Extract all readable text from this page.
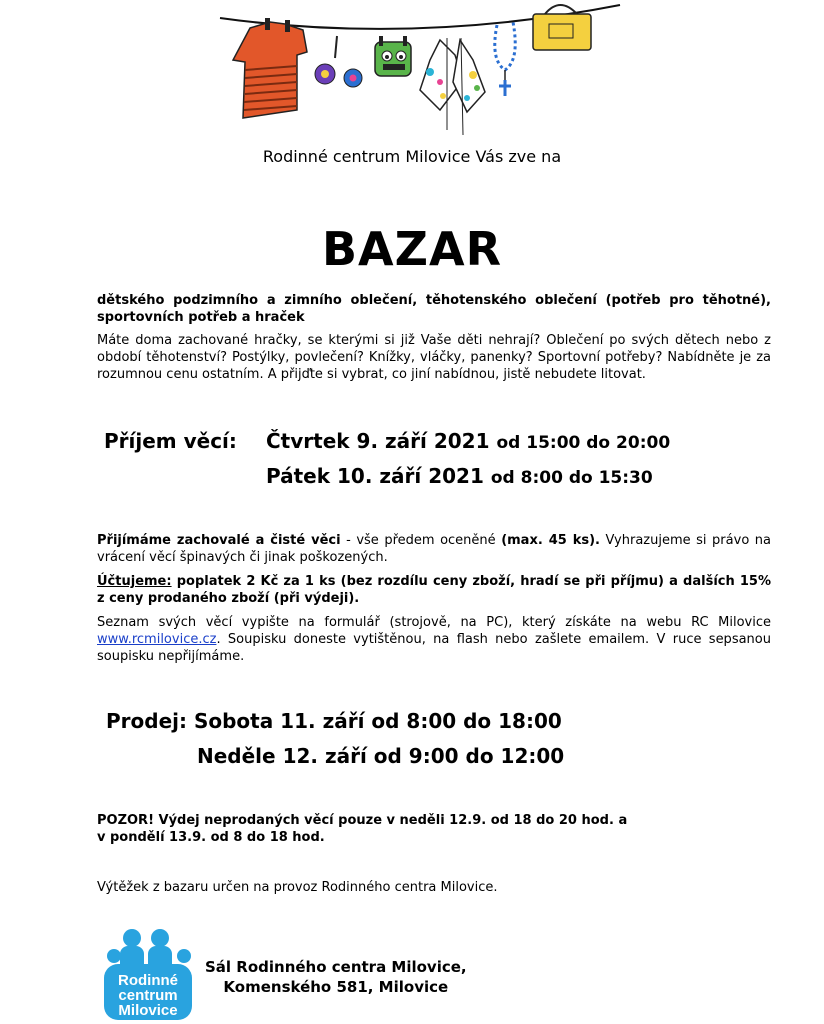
Rodinné centrum Milovice Vás zve na
BAZAR
dětského podzimního a zimního oblečení, těhotenského oblečení (potřeb pro těhotné), sportovních potřeb a hraček
Máte doma zachované hračky, se kterými si již Vaše děti nehrají? Oblečení po svých dětech nebo z období těhotenství? Postýlky, povlečení? Knížky, vláčky, panenky? Sportovní potřeby? Nabídněte je za rozumnou cenu ostatním. A přijďte si vybrat, co jiní nabídnou, jistě nebudete litovat.
Příjem věcí: Čtvrtek 9. září 2021 od 15:00 do 20:00
Pátek 10. září 2021 od 8:00 do 15:30
Přijímáme zachovalé a čisté věci - vše předem oceněné (max. 45 ks). Vyhrazujeme si právo na vrácení věcí špinavých či jinak poškozených.
Účtujeme: poplatek 2 Kč za 1 ks (bez rozdílu ceny zboží, hradí se při příjmu) a dalších 15% z ceny prodaného zboží (při výdeji).
Seznam svých věcí vypište na formulář (strojově, na PC), který získáte na webu RC Milovice www.rcmilovice.cz. Soupisku doneste vytištěnou, na flash nebo zašlete emailem. V ruce sepsanou soupisku nepřijímáme.
Prodej: Sobota 11. září od 8:00 do 18:00
Neděle 12. září od 9:00 do 12:00
POZOR! Výdej neprodaných věcí pouze v neděli 12.9. od 18 do 20 hod. a
v pondělí 13.9. od 8 do 18 hod.
Výtěžek z bazaru určen na provoz Rodinného centra Milovice.
Rodinné
centrum
Milovice
Sál Rodinného centra Milovice,
Komenského 581, Milovice
